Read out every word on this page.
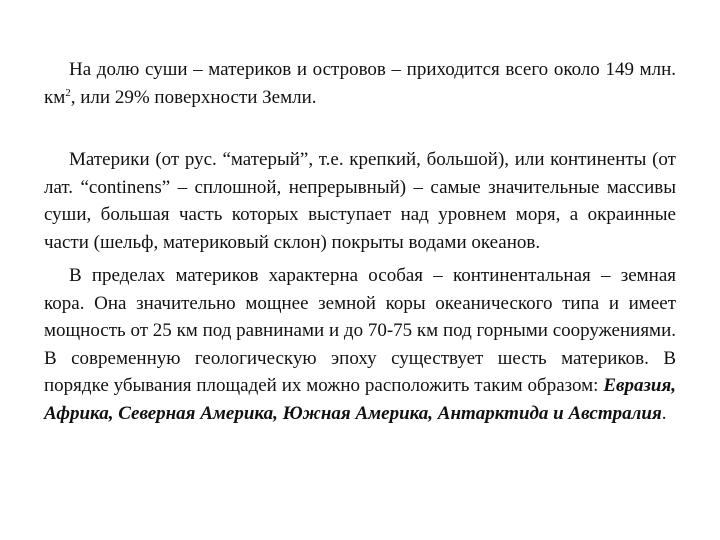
На долю суши – материков и островов – приходится всего около 149 млн. $км^2$, или 29% поверхности Земли.

Материки (от рус. “матерый”, т.е. крепкий, большой), или континенты (от лат. “continens” – сплошной, непрерывный) – самые значительные массивы суши, большая часть которых выступает над уровнем моря, а окраинные части (шельф, материковый склон) покрыты водами океанов.

В пределах материков характерна особая – континентальная – земная кора. Она значительно мощнее земной коры океанического типа и имеет мощность от 25 км под равнинами и до 70-75 км под горными сооружениями. В современную геологическую эпоху существует шесть материков. В порядке убывания площадей их можно расположить таким образом: Евразия, Африка, Северная Америка, Южная Америка, Антарктида и Австралия.
